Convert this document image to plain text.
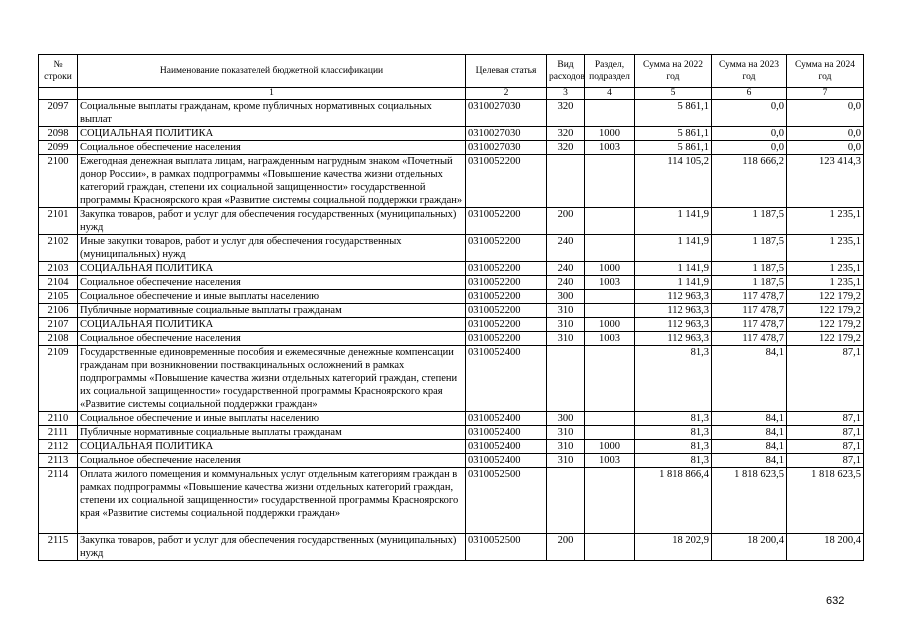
№ строки	Наименование показателей бюджетной классификации	Целевая статья	Вид расходов	Раздел, подраздел	Сумма на 2022 год	Сумма на 2023 год	Сумма на 2024 год
	1	2	3	4	5	6	7
2097	Социальные выплаты гражданам, кроме публичных нормативных социальных выплат	0310027030	320		5 861,1	0,0	0,0
2098	СОЦИАЛЬНАЯ ПОЛИТИКА	0310027030	320	1000	5 861,1	0,0	0,0
2099	Социальное обеспечение населения	0310027030	320	1003	5 861,1	0,0	0,0
2100	Ежегодная денежная выплата лицам, награжденным нагрудным знаком «Почетный донор России», в рамках подпрограммы «Повышение качества жизни отдельных категорий граждан, степени их социальной защищенности» государственной программы Красноярского края «Развитие системы социальной поддержки граждан»	0310052200			114 105,2	118 666,2	123 414,3
2101	Закупка товаров, работ и услуг для обеспечения государственных (муниципальных) нужд	0310052200	200		1 141,9	1 187,5	1 235,1
2102	Иные закупки товаров, работ и услуг для обеспечения государственных (муниципальных) нужд	0310052200	240		1 141,9	1 187,5	1 235,1
2103	СОЦИАЛЬНАЯ ПОЛИТИКА	0310052200	240	1000	1 141,9	1 187,5	1 235,1
2104	Социальное обеспечение населения	0310052200	240	1003	1 141,9	1 187,5	1 235,1
2105	Социальное обеспечение и иные выплаты населению	0310052200	300		112 963,3	117 478,7	122 179,2
2106	Публичные нормативные социальные выплаты гражданам	0310052200	310		112 963,3	117 478,7	122 179,2
2107	СОЦИАЛЬНАЯ ПОЛИТИКА	0310052200	310	1000	112 963,3	117 478,7	122 179,2
2108	Социальное обеспечение населения	0310052200	310	1003	112 963,3	117 478,7	122 179,2
2109	Государственные единовременные пособия и ежемесячные денежные компенсации гражданам при возникновении поствакцинальных осложнений в рамках подпрограммы «Повышение качества жизни отдельных категорий граждан, степени их социальной защищенности» государственной программы Красноярского края «Развитие системы социальной поддержки граждан»	0310052400			81,3	84,1	87,1
2110	Социальное обеспечение и иные выплаты населению	0310052400	300		81,3	84,1	87,1
2111	Публичные нормативные социальные выплаты гражданам	0310052400	310		81,3	84,1	87,1
2112	СОЦИАЛЬНАЯ ПОЛИТИКА	0310052400	310	1000	81,3	84,1	87,1
2113	Социальное обеспечение населения	0310052400	310	1003	81,3	84,1	87,1
2114	Оплата жилого помещения и коммунальных услуг отдельным категориям граждан в рамках подпрограммы «Повышение качества жизни отдельных категорий граждан, степени их социальной защищенности» государственной программы Красноярского края «Развитие системы социальной поддержки граждан»	0310052500			1 818 866,4	1 818 623,5	1 818 623,5
2115	Закупка товаров, работ и услуг для обеспечения государственных (муниципальных) нужд	0310052500	200		18 202,9	18 200,4	18 200,4
632
